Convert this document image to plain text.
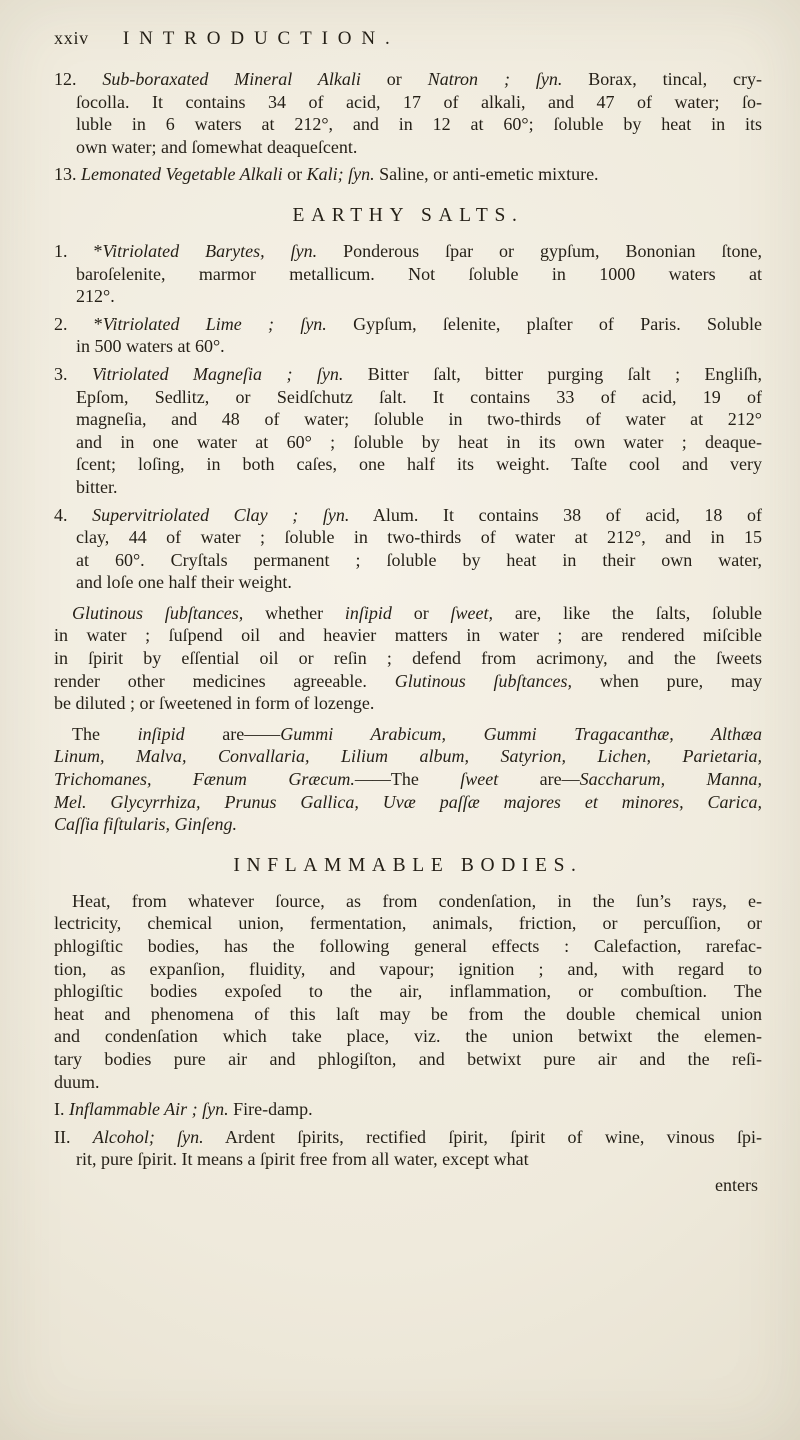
xxiv INTRODUCTION.
12. Sub-boraxated Mineral Alkali or Natron ; ſyn. Borax, tincal, cry-
ſocolla. It contains 34 of acid, 17 of alkali, and 47 of water; ſo-
luble in 6 waters at 212°, and in 12 at 60°; ſoluble by heat in its
own water; and ſomewhat deaqueſcent.
13. Lemonated Vegetable Alkali or Kali; ſyn. Saline, or anti-emetic mixture.
EARTHY SALTS.
1. *Vitriolated Barytes, ſyn. Ponderous ſpar or gypſum, Bononian ſtone,
baroſelenite, marmor metallicum. Not ſoluble in 1000 waters at
212°.
2. *Vitriolated Lime ; ſyn. Gypſum, ſelenite, plaſter of Paris. Soluble
in 500 waters at 60°.
3. Vitriolated Magneſia ; ſyn. Bitter ſalt, bitter purging ſalt ; Engliſh,
Epſom, Sedlitz, or Seidſchutz ſalt. It contains 33 of acid, 19 of
magneſia, and 48 of water; ſoluble in two-thirds of water at 212°
and in one water at 60° ; ſoluble by heat in its own water ; deaque-
ſcent; loſing, in both caſes, one half its weight. Taſte cool and very
bitter.
4. Supervitriolated Clay ; ſyn. Alum. It contains 38 of acid, 18 of
clay, 44 of water ; ſoluble in two-thirds of water at 212°, and in 15
at 60°. Cryſtals permanent ; ſoluble by heat in their own water,
and loſe one half their weight.
Glutinous ſubſtances, whether inſipid or ſweet, are, like the ſalts, ſoluble
in water ; ſuſpend oil and heavier matters in water ; are rendered miſcible
in ſpirit by eſſential oil or reſin ; defend from acrimony, and the ſweets
render other medicines agreeable. Glutinous ſubſtances, when pure, may
be diluted ; or ſweetened in form of lozenge.
The inſipid are——Gummi Arabicum, Gummi Tragacanthæ, Althæa
Linum, Malva, Convallaria, Lilium album, Satyrion, Lichen, Parietaria,
Trichomanes, Fænum Græcum.——The ſweet are—Saccharum, Manna,
Mel. Glycyrrhiza, Prunus Gallica, Uvæ paſſæ majores et minores, Carica,
Caſſia fiſtularis, Ginſeng.
INFLAMMABLE BODIES.
Heat, from whatever ſource, as from condenſation, in the ſun’s rays, e-
lectricity, chemical union, fermentation, animals, friction, or percuſſion, or
phlogiſtic bodies, has the following general effects : Calefaction, rarefac-
tion, as expanſion, fluidity, and vapour; ignition ; and, with regard to
phlogiſtic bodies expoſed to the air, inflammation, or combuſtion. The
heat and phenomena of this laſt may be from the double chemical union
and condenſation which take place, viz. the union betwixt the elemen-
tary bodies pure air and phlogiſton, and betwixt pure air and the reſi-
duum.
I. Inflammable Air ; ſyn. Fire-damp.
II. Alcohol; ſyn. Ardent ſpirits, rectified ſpirit, ſpirit of wine, vinous ſpi-
rit, pure ſpirit. It means a ſpirit free from all water, except what
enters
